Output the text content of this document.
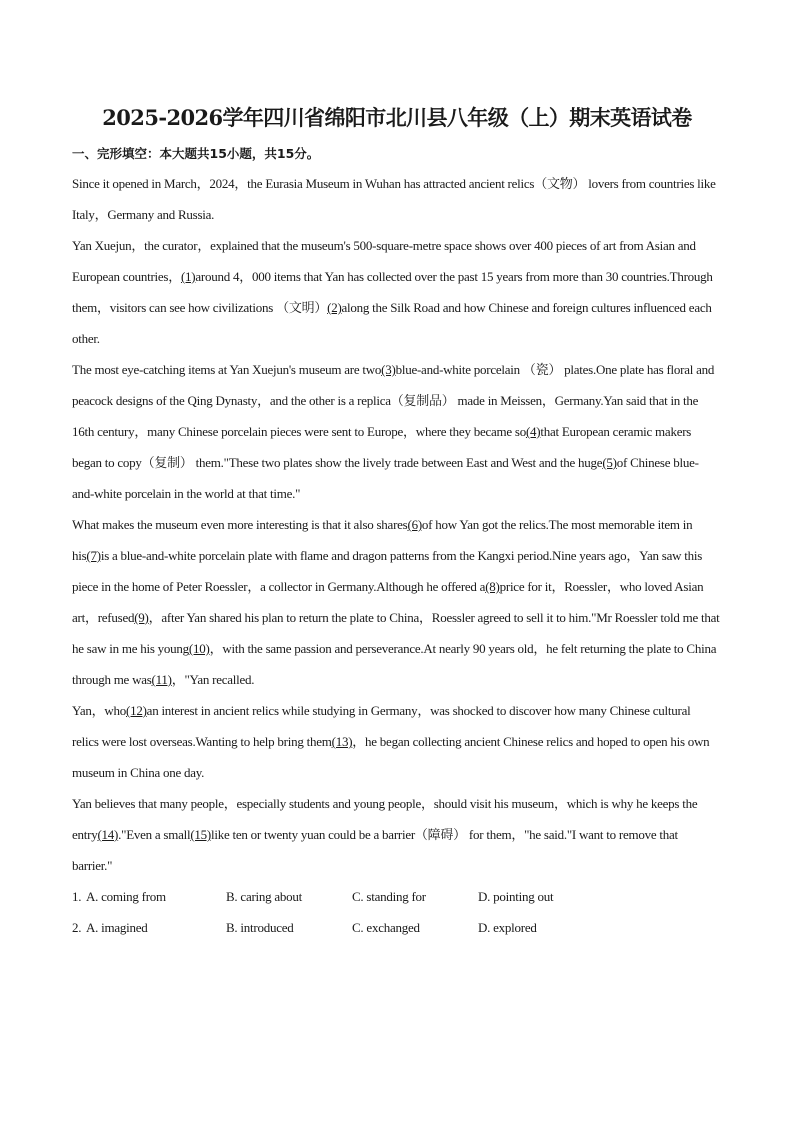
2025-2026学年四川省绵阳市北川县八年级（上）期末英语试卷
一、完形填空：本大题共15小题，共15分。

Since it opened in March，2024，the Eurasia Museum in Wuhan has attracted ancient relics（文物） lovers from countries like Italy，Germany and Russia.

Yan Xuejun，the curator，explained that the museum's 500-square-metre space shows over 400 pieces of art from Asian and European countries，(1)around 4，000 items that Yan has collected over the past 15 years from more than 30 countries.Through them，visitors can see how civilizations （文明）(2)along the Silk Road and how Chinese and foreign cultures influenced each other.

The most eye-catching items at Yan Xuejun's museum are two(3)blue-and-white porcelain （瓷） plates.One plate has floral and peacock designs of the Qing Dynasty，and the other is a replica（复制品） made in Meissen，Germany.Yan said that in the 16th century，many Chinese porcelain pieces were sent to Europe，where they became so(4)that European ceramic makers began to copy（复制） them."These two plates show the lively trade between East and West and the huge(5)of Chinese blue-and-white porcelain in the world at that time."

What makes the museum even more interesting is that it also shares(6)of how Yan got the relics.The most memorable item in his(7)is a blue-and-white porcelain plate with flame and dragon patterns from the Kangxi period.Nine years ago，Yan saw this piece in the home of Peter Roessler，a collector in Germany.Although he offered a(8)price for it，Roessler，who loved Asian art，refused(9)，after Yan shared his plan to return the plate to China，Roessler agreed to sell it to him."Mr Roessler told me that he saw in me his young(10)，with the same passion and perseverance.At nearly 90 years old，he felt returning the plate to China through me was(11)，"Yan recalled.

Yan，who(12)an interest in ancient relics while studying in Germany，was shocked to discover how many Chinese cultural relics were lost overseas.Wanting to help bring them(13)，he began collecting ancient Chinese relics and hoped to open his own museum in China one day.

Yan believes that many people，especially students and young people，should visit his museum，which is why he keeps the entry(14)."Even a small(15)like ten or twenty yuan could be a barrier（障碍） for them，"he said."I want to remove that barrier."

1. A. coming from	B. caring about	C. standing for	D. pointing out
2. A. imagined	B. introduced	C. exchanged	D. explored
